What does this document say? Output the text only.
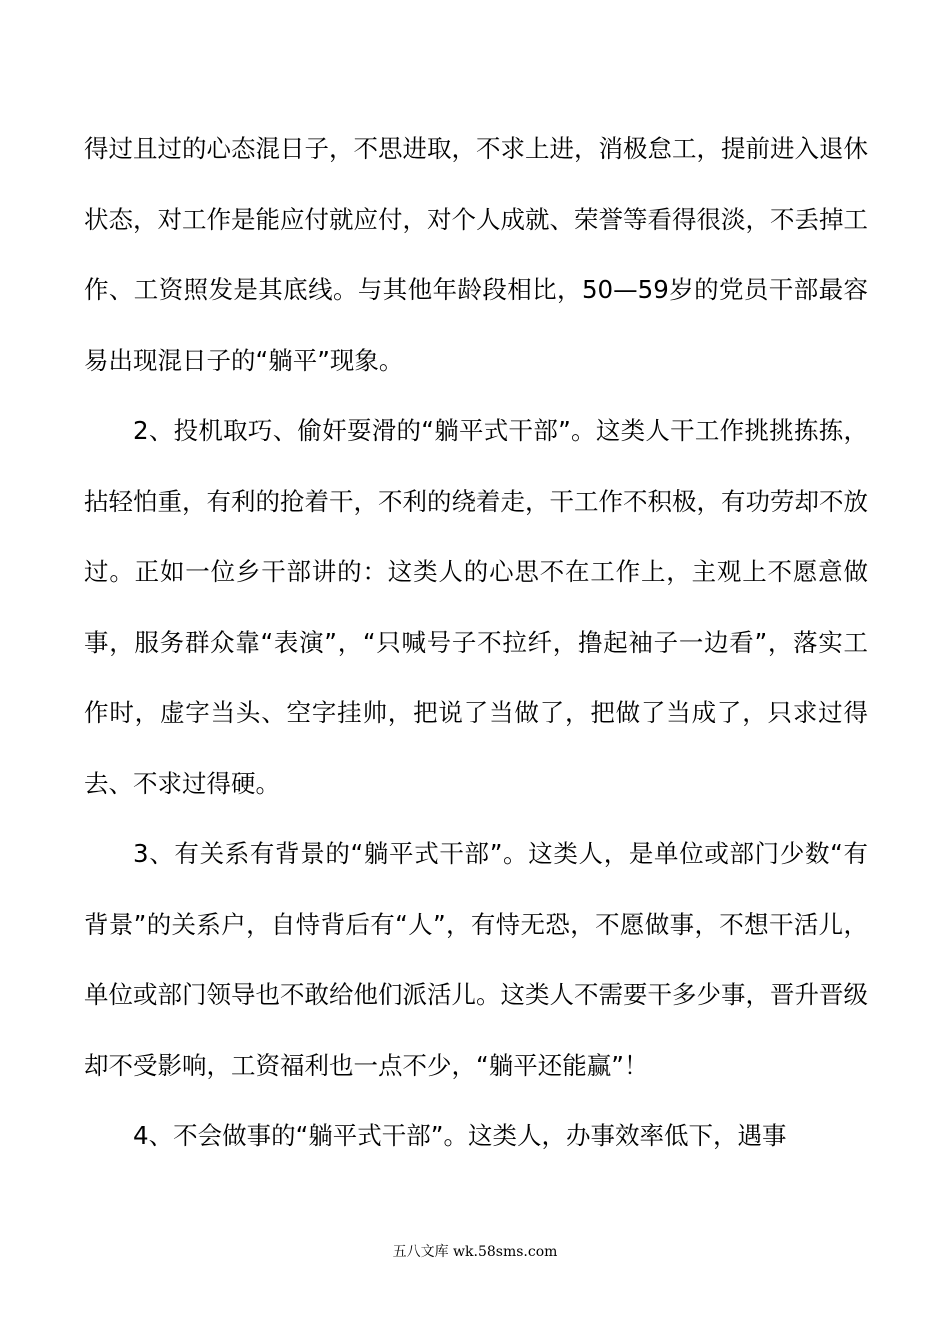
得过且过的心态混日子，不思进取，不求上进，消极怠工，提前进入退休状态，对工作是能应付就应付，对个人成就、荣誉等看得很淡，不丢掉工作、工资照发是其底线。与其他年龄段相比，50—59岁的党员干部最容易出现混日子的“躺平”现象。

2、投机取巧、偷奸耍滑的“躺平式干部”。这类人干工作挑挑拣拣，拈轻怕重，有利的抢着干，不利的绕着走，干工作不积极，有功劳却不放过。正如一位乡干部讲的：这类人的心思不在工作上，主观上不愿意做事，服务群众靠“表演”，“只喊号子不拉纤，撸起袖子一边看”，落实工作时，虚字当头、空字挂帅，把说了当做了，把做了当成了，只求过得去、不求过得硬。

3、有关系有背景的“躺平式干部”。这类人，是单位或部门少数“有背景”的关系户，自恃背后有“人”，有恃无恐，不愿做事，不想干活儿，单位或部门领导也不敢给他们派活儿。这类人不需要干多少事，晋升晋级却不受影响，工资福利也一点不少，“躺平还能赢”！

4、不会做事的“躺平式干部”。这类人，办事效率低下，遇事

五八文库 wk.58sms.com
